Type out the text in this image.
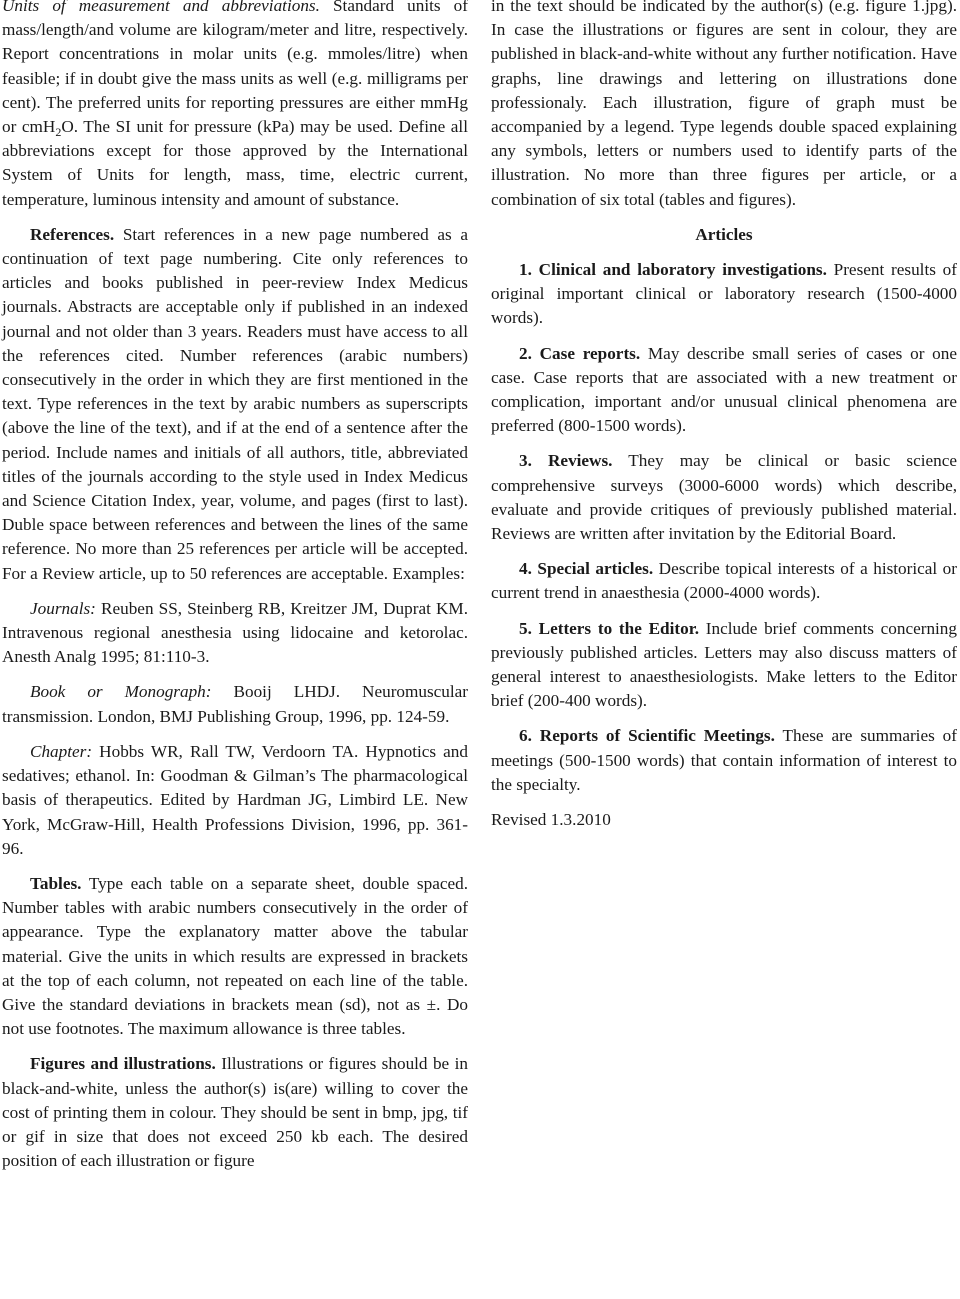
Units of measurement and abbreviations. Standard units of mass/length/and volume are kilogram/meter and litre, respectively. Report concentrations in molar units (e.g. mmoles/litre) when feasible; if in doubt give the mass units as well (e.g. milligrams per cent). The preferred units for reporting pressures are either mmHg or cmH$_2$O. The SI unit for pressure (kPa) may be used. Define all abbreviations except for those approved by the International System of Units for length, mass, time, electric current, temperature, luminous intensity and amount of substance.

References. Start references in a new page numbered as a continuation of text page numbering. Cite only references to articles and books published in peer-review Index Medicus journals. Abstracts are acceptable only if published in an indexed journal and not older than 3 years. Readers must have access to all the references cited. Number references (arabic numbers) consecutively in the order in which they are first mentioned in the text. Type references in the text by arabic numbers as superscripts (above the line of the text), and if at the end of a sentence after the period. Include names and initials of all authors, title, abbreviated titles of the journals according to the style used in Index Medicus and Science Citation Index, year, volume, and pages (first to last). Duble space between references and between the lines of the same reference. No more than 25 references per article will be accepted. For a Review article, up to 50 references are acceptable. Examples:

Journals: Reuben SS, Steinberg RB, Kreitzer JM, Duprat KM. Intravenous regional anesthesia using lidocaine and ketorolac. Anesth Analg 1995; 81:110-3.

Book or Monograph: Booij LHDJ. Neuromuscular transmission. London, BMJ Publishing Group, 1996, pp. 124-59.

Chapter: Hobbs WR, Rall TW, Verdoorn TA. Hypnotics and sedatives; ethanol. In: Goodman & Gilman’s The pharmacological basis of therapeutics. Edited by Hardman JG, Limbird LE. New York, McGraw-Hill, Health Professions Division, 1996, pp. 361-96.

Tables. Type each table on a separate sheet, double spaced. Number tables with arabic numbers consecutively in the order of appearance. Type the explanatory matter above the tabular material. Give the units in which results are expressed in brackets at the top of each column, not repeated on each line of the table. Give the standard deviations in brackets mean (sd), not as ±. Do not use footnotes. The maximum allowance is three tables.

Figures and illustrations. Illustrations or figures should be in black-and-white, unless the author(s) is(are) willing to cover the cost of printing them in colour. They should be sent in bmp, jpg, tif or gif in size that does not exceed 250 kb each. The desired position of each illustration or figure

in the text should be indicated by the author(s) (e.g. figure 1.jpg). In case the illustrations or figures are sent in colour, they are published in black-and-white without any further notification. Have graphs, line drawings and lettering on illustrations done professionaly. Each illustration, figure of graph must be accompanied by a legend. Type legends double spaced explaining any symbols, letters or numbers used to identify parts of the illustration. No more than three figures per article, or a combination of six total (tables and figures).

Articles

1. Clinical and laboratory investigations. Present results of original important clinical or laboratory research (1500-4000 words).

2. Case reports. May describe small series of cases or one case. Case reports that are associated with a new treatment or complication, important and/or unusual clinical phenomena are preferred (800-1500 words).

3. Reviews. They may be clinical or basic science comprehensive surveys (3000-6000 words) which describe, evaluate and provide critiques of previously published material. Reviews are written after invitation by the Editorial Board.

4. Special articles. Describe topical interests of a historical or current trend in anaesthesia (2000-4000 words).

5. Letters to the Editor. Include brief comments concerning previously published articles. Letters may also discuss matters of general interest to anaesthesiologists. Make letters to the Editor brief (200-400 words).

6. Reports of Scientific Meetings. These are summaries of meetings (500-1500 words) that contain information of interest to the specialty.

Revised 1.3.2010
